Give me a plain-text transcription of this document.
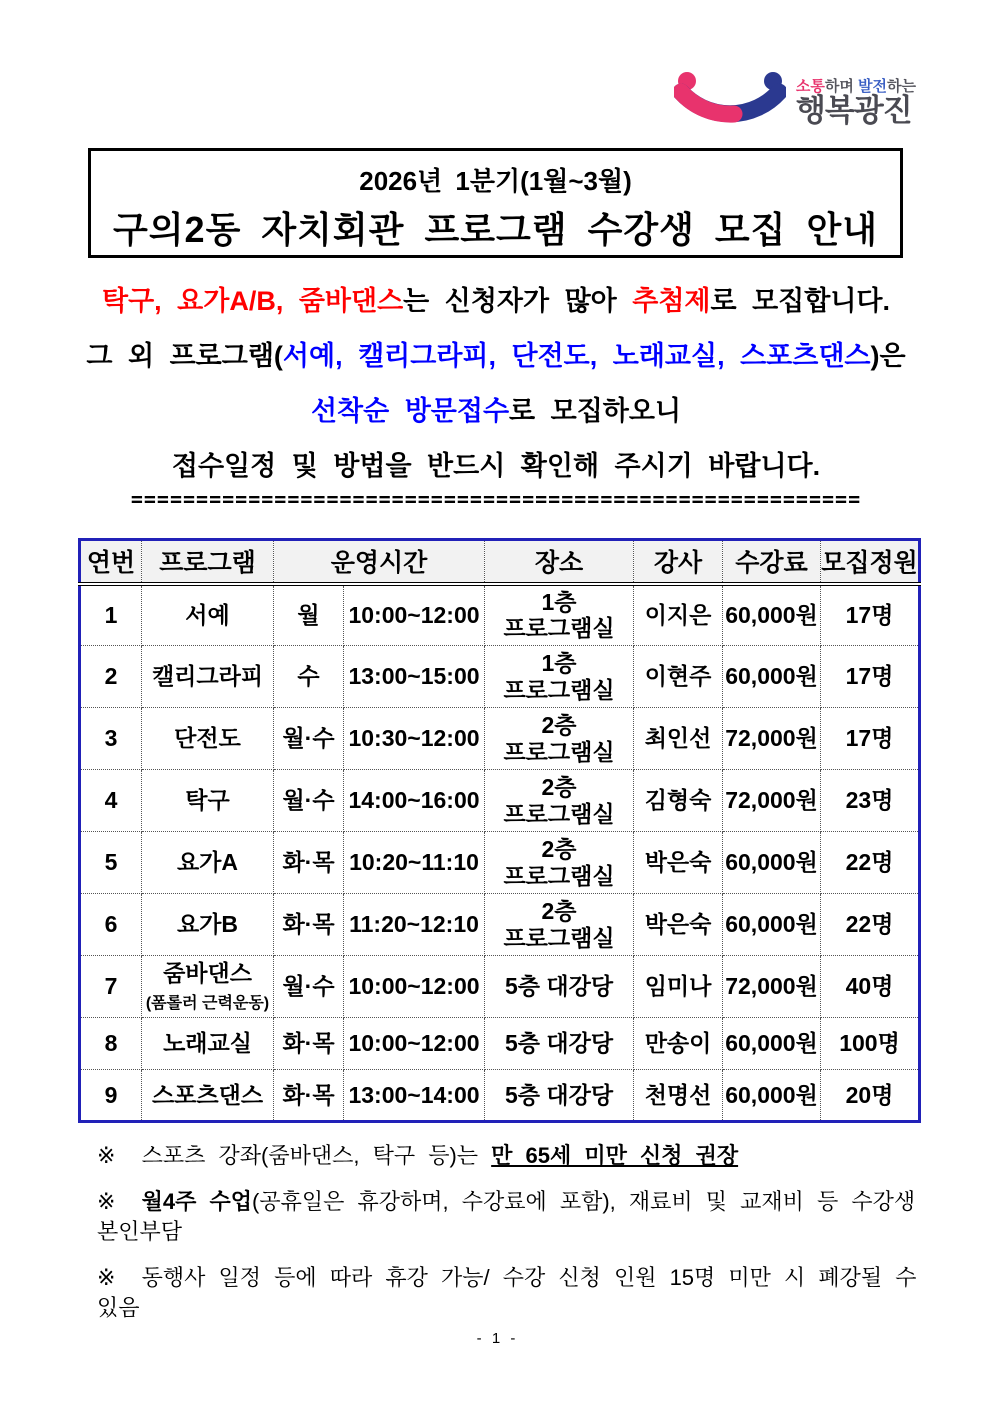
소통하며 발전하는
행복광진
2026년 1분기(1월~3월)
구의2동 자치회관 프로그램 수강생 모집 안내

탁구, 요가A/B, 줌바댄스는 신청자가 많아 추첨제로 모집합니다.

그 외 프로그램(서예, 캘리그라피, 단전도, 노래교실, 스포츠댄스)은

선착순 방문접수로 모집하오니

접수일정 및 방법을 반드시 확인해 주시기 바랍니다.

========================================================
연번	프로그램	운영시간		장소	강사	수강료	모집정원
1	서예	월	10:00~12:00	1층
프로그램실	이지은	60,000원	17명
2	캘리그라피	수	13:00~15:00	1층
프로그램실	이현주	60,000원	17명
3	단전도	월·수	10:30~12:00	2층
프로그램실	최인선	72,000원	17명
4	탁구	월·수	14:00~16:00	2층
프로그램실	김형숙	72,000원	23명
5	요가A	화·목	10:20~11:10	2층
프로그램실	박은숙	60,000원	22명
6	요가B	화·목	11:20~12:10	2층
프로그램실	박은숙	60,000원	22명
7	줌바댄스
(폼롤러 근력운동)	월·수	10:00~12:00	5층 대강당	임미나	72,000원	40명
8	노래교실	화·목	10:00~12:00	5층 대강당	만송이	60,000원	100명
9	스포츠댄스	화·목	13:00~14:00	5층 대강당	천명선	60,000원	20명

※  스포츠 강좌(줌바댄스, 탁구 등)는 만 65세 미만 신청 권장

※  월4주 수업(공휴일은 휴강하며, 수강료에 포함), 재료비 및 교재비 등 수강생 본인부담

※  동행사 일정 등에 따라 휴강 가능/ 수강 신청 인원 15명 미만 시 폐강될 수 있음

- 1 -
